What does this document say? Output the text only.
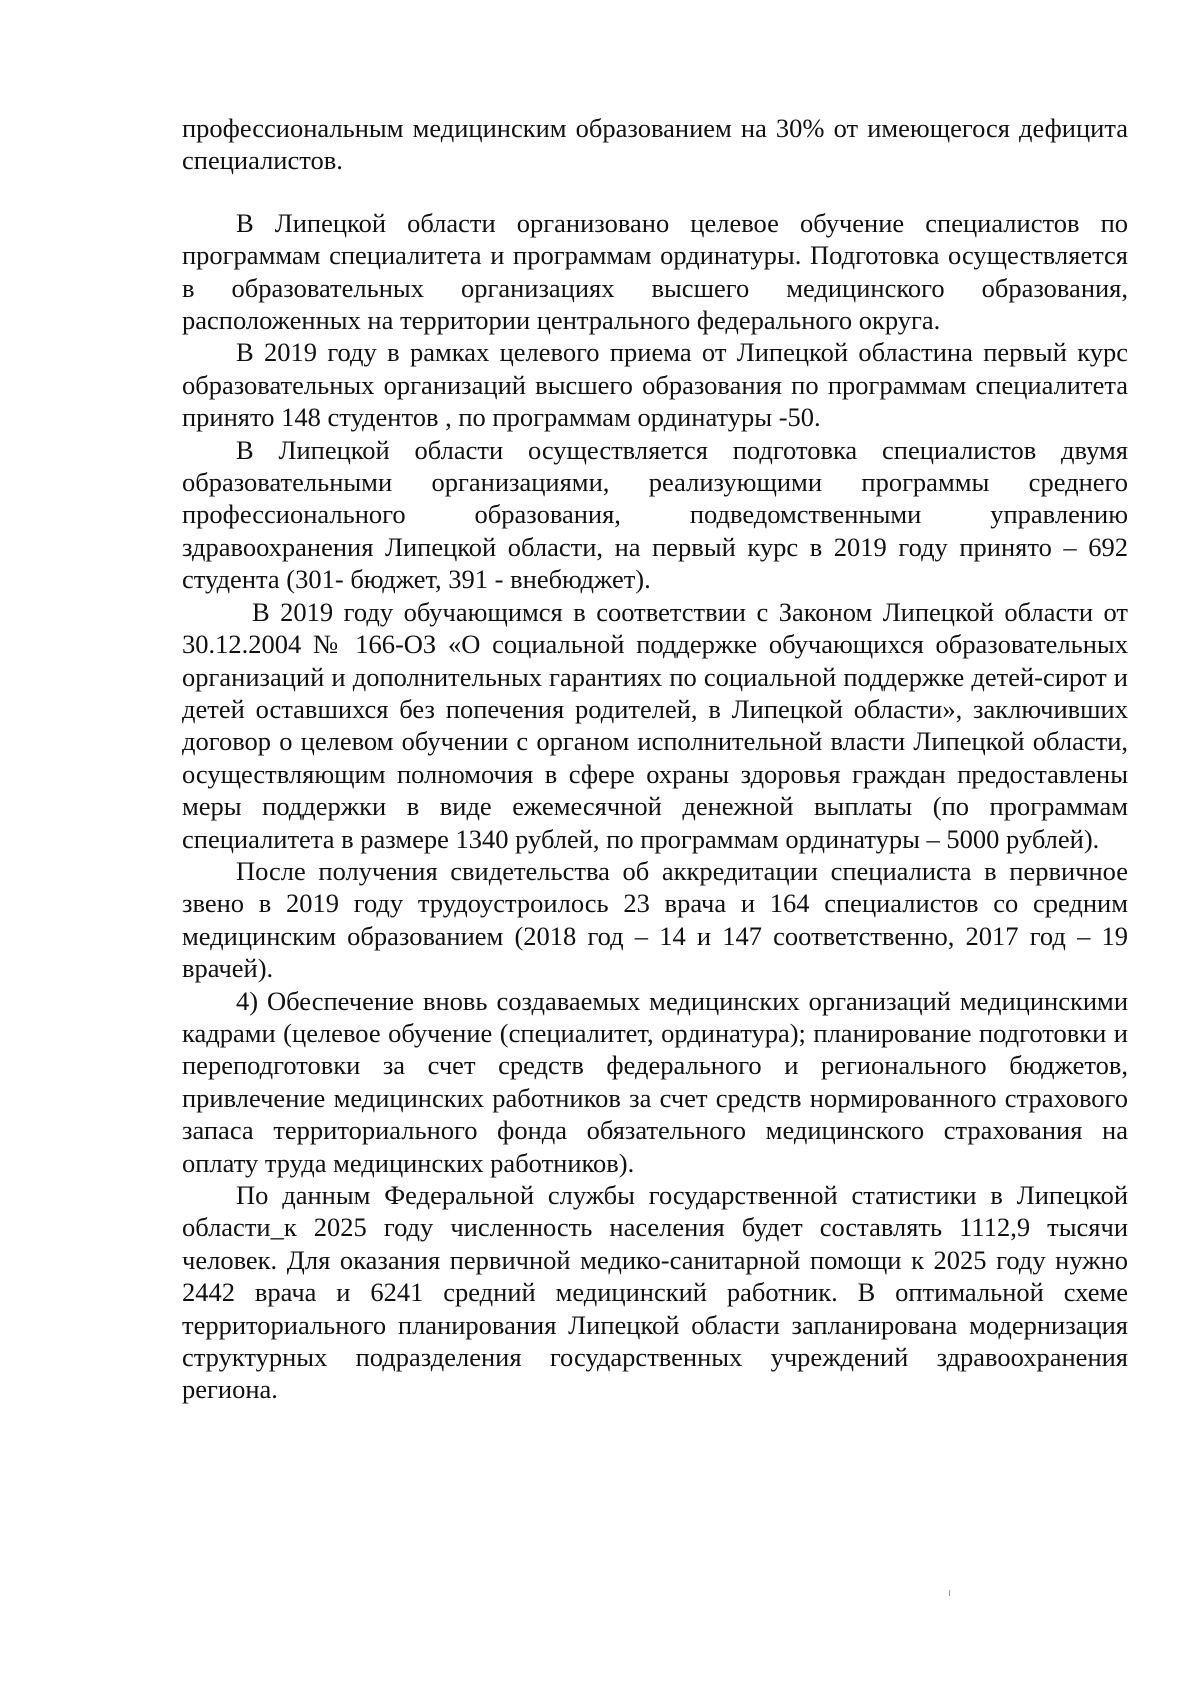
профессиональным медицинским образованием на 30% от имеющегося дефицита специалистов.

В Липецкой области организовано целевое обучение специалистов по программам специалитета и программам ординатуры. Подготовка осуществляется в образовательных организациях высшего медицинского образования, расположенных на территории центрального федерального округа.

В 2019 году в рамках целевого приема от Липецкой областина первый курс образовательных организаций высшего образования по программам специалитета принято 148 студентов , по программам ординатуры -50.

В Липецкой области осуществляется подготовка специалистов двумя образовательными организациями, реализующими программы среднего профессионального образования, подведомственными управлению здравоохранения Липецкой области, на первый курс в 2019 году принято – 692 студента (301- бюджет, 391 - внебюджет).

В 2019 году обучающимся в соответствии с Законом Липецкой области от 30.12.2004 № 166-ОЗ «О социальной поддержке обучающихся образовательных организаций и дополнительных гарантиях по социальной поддержке детей-сирот и детей оставшихся без попечения родителей, в Липецкой области», заключивших договор о целевом обучении с органом исполнительной власти Липецкой области, осуществляющим полномочия в сфере охраны здоровья граждан предоставлены меры поддержки в виде ежемесячной денежной выплаты (по программам специалитета в размере 1340 рублей, по программам ординатуры – 5000 рублей).

После получения свидетельства об аккредитации специалиста в первичное звено в 2019 году трудоустроилось 23 врача и 164 специалистов со средним медицинским образованием (2018 год – 14 и 147 соответственно, 2017 год – 19 врачей).

4) Обеспечение вновь создаваемых медицинских организаций медицинскими кадрами (целевое обучение (специалитет, ординатура); планирование подготовки и переподготовки за счет средств федерального и регионального бюджетов, привлечение медицинских работников за счет средств нормированного страхового запаса территориального фонда обязательного медицинского страхования на оплату труда медицинских работников).

По данным Федеральной службы государственной статистики в Липецкой области_к 2025 году численность населения будет составлять 1112,9 тысячи человек. Для оказания первичной медико-санитарной помощи к 2025 году нужно 2442 врача и 6241 средний медицинский работник. В оптимальной схеме территориального планирования Липецкой области запланирована модернизация структурных подразделения государственных учреждений здравоохранения региона.
